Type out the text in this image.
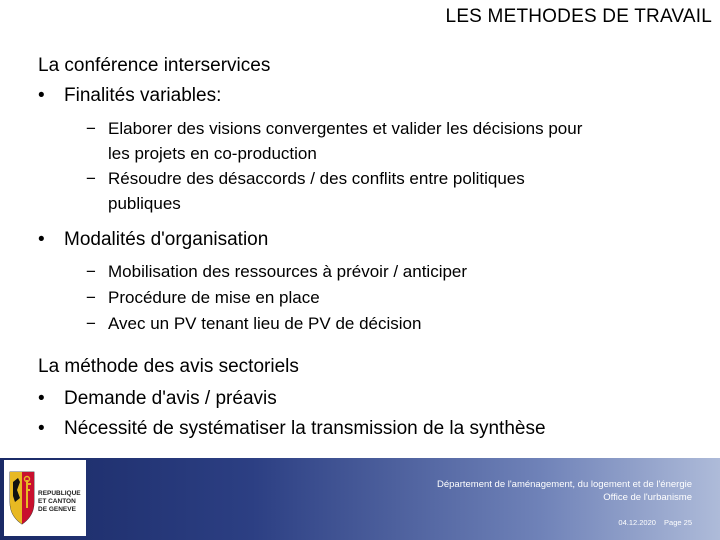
LES METHODES DE TRAVAIL
La conférence interservices
• Finalités variables:
− Elaborer des visions convergentes et valider les décisions pour
les projets en co-production
− Résoudre des désaccords / des conflits entre politiques
publiques
• Modalités d'organisation
− Mobilisation des ressources à prévoir / anticiper
− Procédure de mise en place
− Avec un PV tenant lieu de PV de décision
La méthode des avis sectoriels
• Demande d'avis / préavis
• Nécessité de systématiser la transmission de la synthèse
REPUBLIQUE
ET CANTON
DE GENEVE
Département de l'aménagement, du logement et de l'énergie
Office de l'urbanisme
04.12.2020 Page 25
